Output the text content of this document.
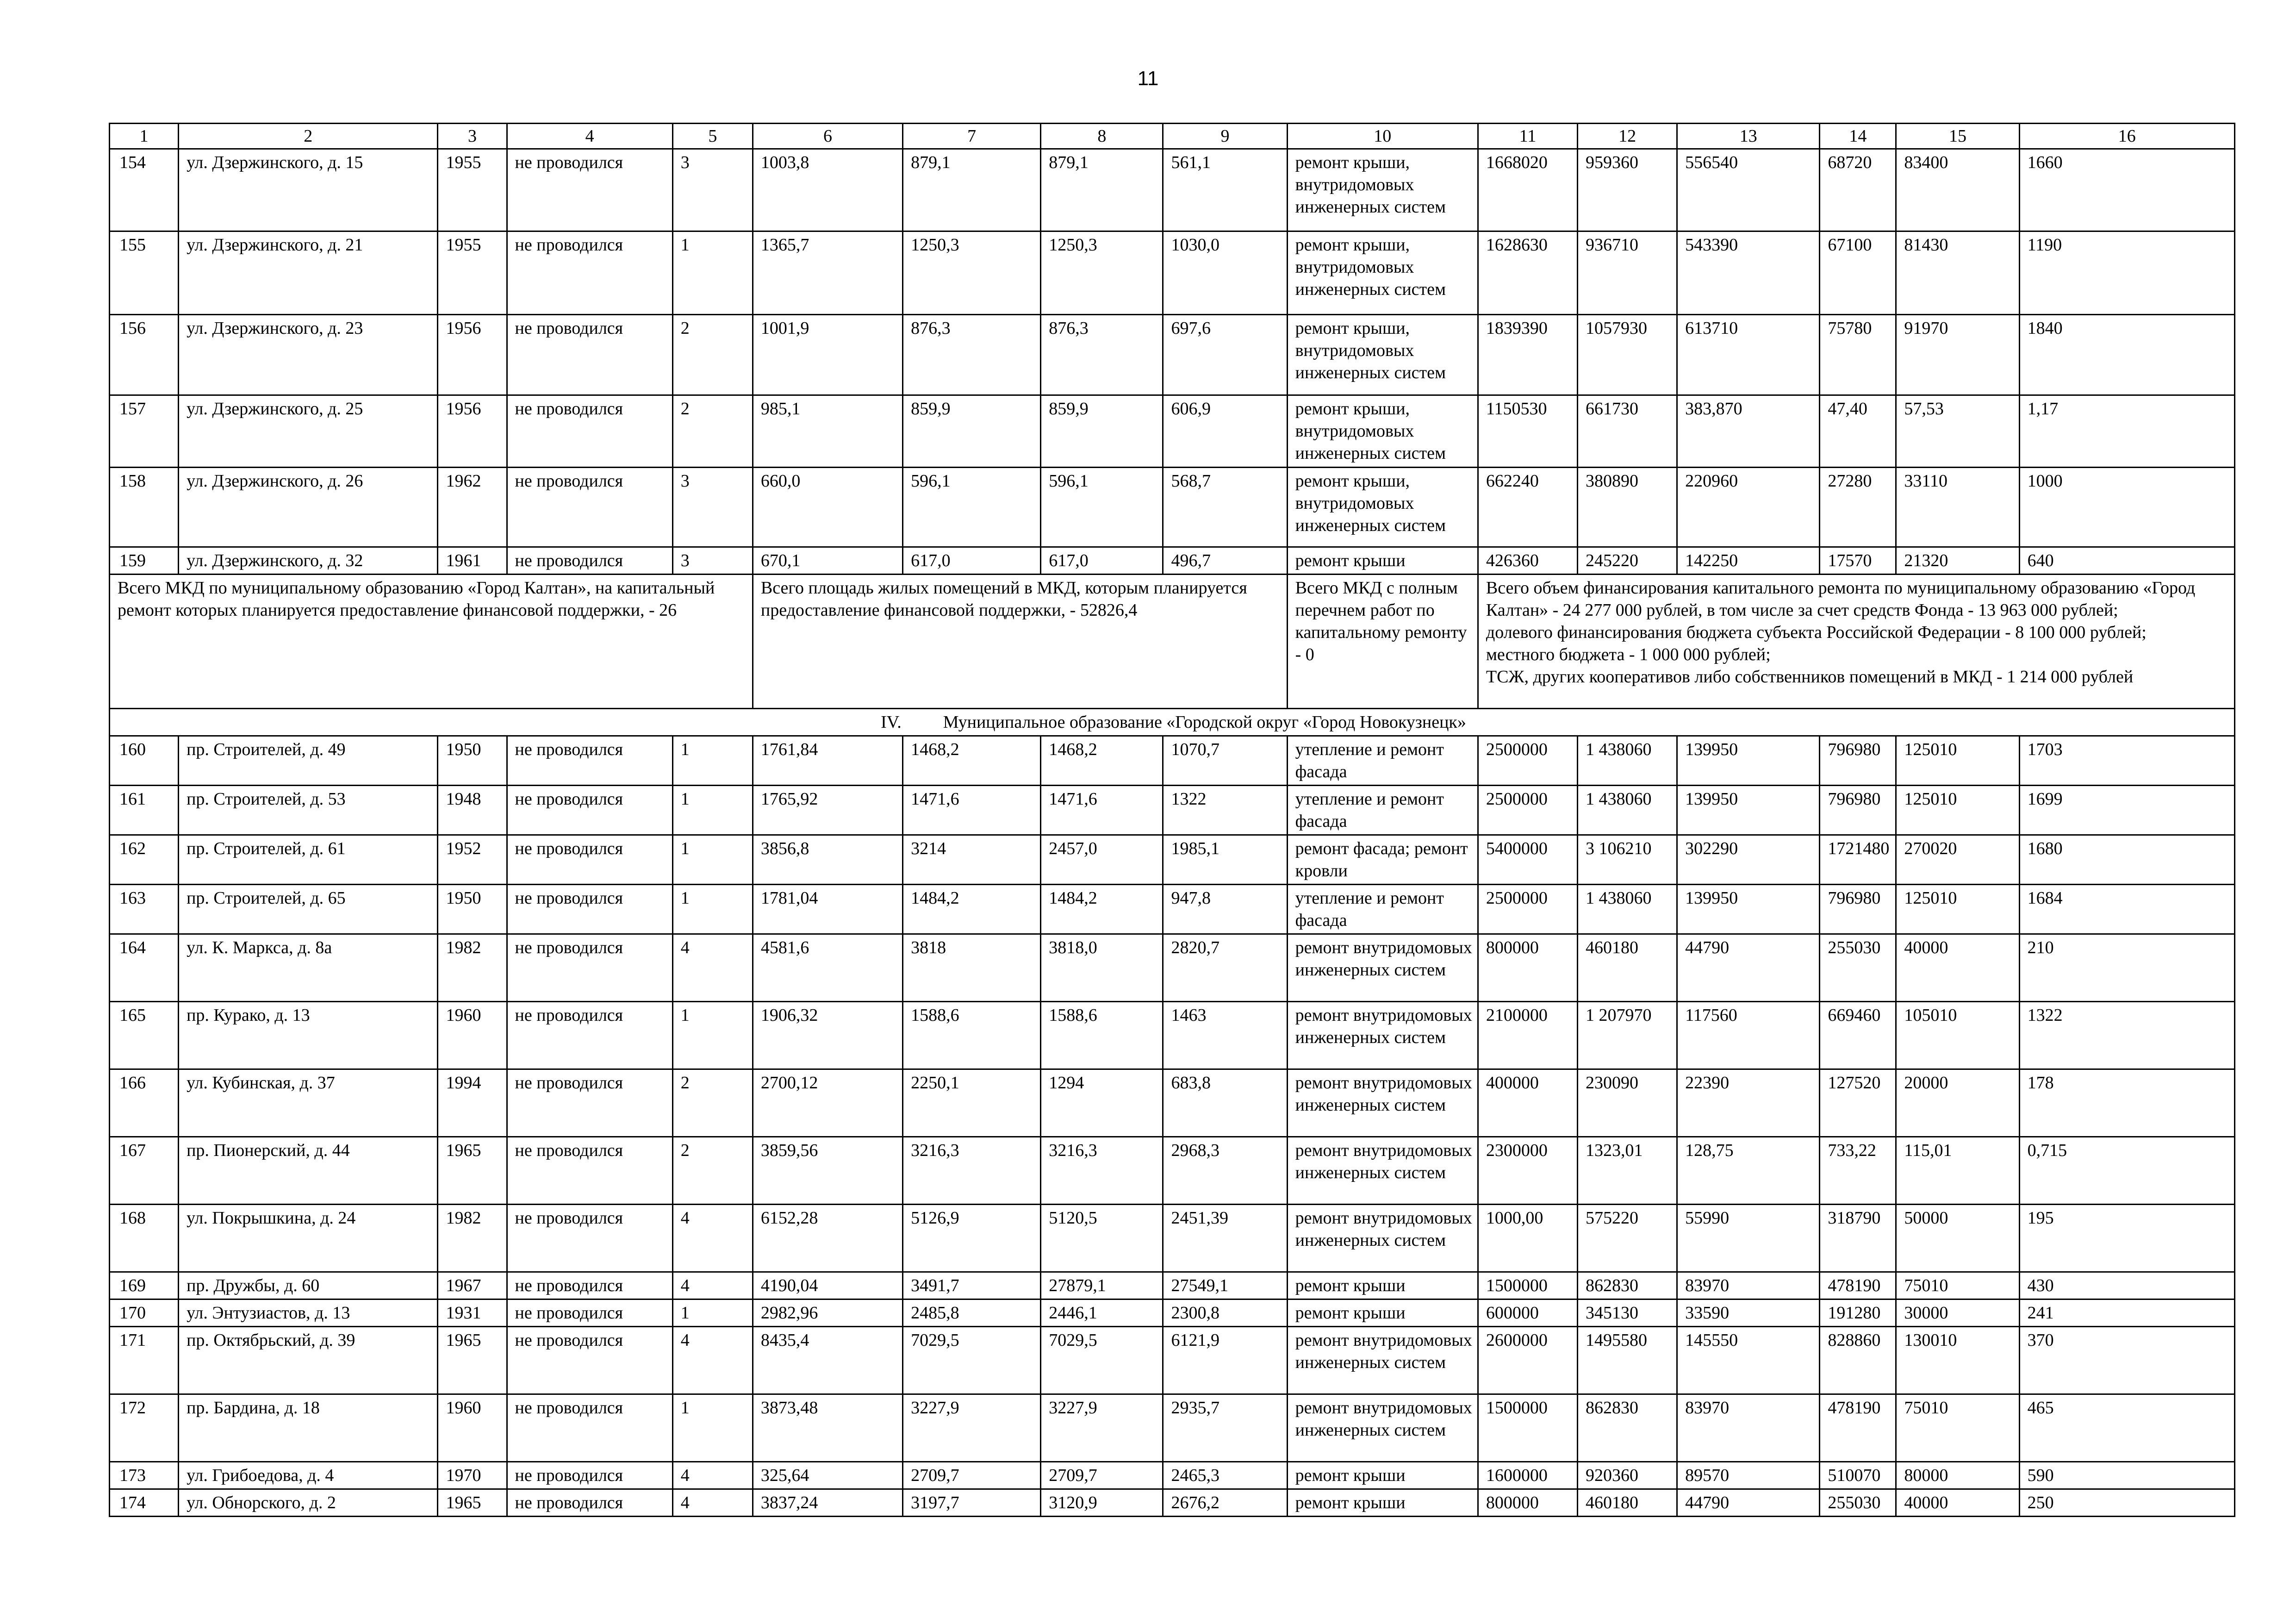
11
1	2	3	4	5	6	7	8	9	10	11	12	13	14	15	16
154	ул. Дзержинского, д. 15	1955	не проводился	3	1003,8	879,1	879,1	561,1	ремонт крыши, внутридомовых инженерных систем	1668020	959360	556540	68720	83400	1660
155	ул. Дзержинского, д. 21	1955	не проводился	1	1365,7	1250,3	1250,3	1030,0	ремонт крыши, внутридомовых инженерных систем	1628630	936710	543390	67100	81430	1190
156	ул. Дзержинского, д. 23	1956	не проводился	2	1001,9	876,3	876,3	697,6	ремонт крыши, внутридомовых инженерных систем	1839390	1057930	613710	75780	91970	1840
157	ул. Дзержинского, д. 25	1956	не проводился	2	985,1	859,9	859,9	606,9	ремонт крыши, внутридомовых инженерных систем	1150530	661730	383,870	47,40	57,53	1,17
158	ул. Дзержинского, д. 26	1962	не проводился	3	660,0	596,1	596,1	568,7	ремонт крыши, внутридомовых инженерных систем	662240	380890	220960	27280	33110	1000
159	ул. Дзержинского, д. 32	1961	не проводился	3	670,1	617,0	617,0	496,7	ремонт крыши	426360	245220	142250	17570	21320	640
Всего МКД по муниципальному образованию «Город Калтан», на капитальный ремонт которых планируется предоставление финансовой поддержки, - 26					Всего площадь жилых помещений в МКД, которым планируется предоставление финансовой поддержки, - 52826,4				Всего МКД с полным перечнем работ по капитальному ремонту - 0	Всего объем финансирования капитального ремонта по муниципальному образованию «Город Калтан» - 24 277 000 рублей, в том числе за счет средств Фонда - 13 963 000 рублей;
долевого финансирования бюджета субъекта Российской Федерации - 8 100 000 рублей;
местного бюджета - 1 000 000 рублей;
ТСЖ, других кооперативов либо собственников помещений в МКД - 1 214 000 рублей					

IV. Муниципальное образование «Городской округ «Город Новокузнецк»															
160	пр. Строителей, д. 49	1950	не проводился	1	1761,84	1468,2	1468,2	1070,7	утепление и ремонт фасада	2500000	1 438060	139950	796980	125010	1703
161	пр. Строителей, д. 53	1948	не проводился	1	1765,92	1471,6	1471,6	1322	утепление и ремонт фасада	2500000	1 438060	139950	796980	125010	1699
162	пр. Строителей, д. 61	1952	не проводился	1	3856,8	3214	2457,0	1985,1	ремонт фасада; ремонт кровли	5400000	3 106210	302290	1721480	270020	1680
163	пр. Строителей, д. 65	1950	не проводился	1	1781,04	1484,2	1484,2	947,8	утепление и ремонт фасада	2500000	1 438060	139950	796980	125010	1684
164	ул. К. Маркса, д. 8а	1982	не проводился	4	4581,6	3818	3818,0	2820,7	ремонт внутридомовых инженерных систем	800000	460180	44790	255030	40000	210
165	пр. Курако, д. 13	1960	не проводился	1	1906,32	1588,6	1588,6	1463	ремонт внутридомовых инженерных систем	2100000	1 207970	117560	669460	105010	1322
166	ул. Кубинская, д. 37	1994	не проводился	2	2700,12	2250,1	1294	683,8	ремонт внутридомовых инженерных систем	400000	230090	22390	127520	20000	178
167	пр. Пионерский, д. 44	1965	не проводился	2	3859,56	3216,3	3216,3	2968,3	ремонт внутридомовых инженерных систем	2300000	1323,01	128,75	733,22	115,01	0,715
168	ул. Покрышкина, д. 24	1982	не проводился	4	6152,28	5126,9	5120,5	2451,39	ремонт внутридомовых инженерных систем	1000,00	575220	55990	318790	50000	195
169	пр. Дружбы, д. 60	1967	не проводился	4	4190,04	3491,7	27879,1	27549,1	ремонт крыши	1500000	862830	83970	478190	75010	430
170	ул. Энтузиастов, д. 13	1931	не проводился	1	2982,96	2485,8	2446,1	2300,8	ремонт крыши	600000	345130	33590	191280	30000	241
171	пр. Октябрьский, д. 39	1965	не проводился	4	8435,4	7029,5	7029,5	6121,9	ремонт внутридомовых инженерных систем	2600000	1495580	145550	828860	130010	370
172	пр. Бардина, д. 18	1960	не проводился	1	3873,48	3227,9	3227,9	2935,7	ремонт внутридомовых инженерных систем	1500000	862830	83970	478190	75010	465
173	ул. Грибоедова, д. 4	1970	не проводился	4	325,64	2709,7	2709,7	2465,3	ремонт крыши	1600000	920360	89570	510070	80000	590
174	ул. Обнорского, д. 2	1965	не проводился	4	3837,24	3197,7	3120,9	2676,2	ремонт крыши	800000	460180	44790	255030	40000	250
